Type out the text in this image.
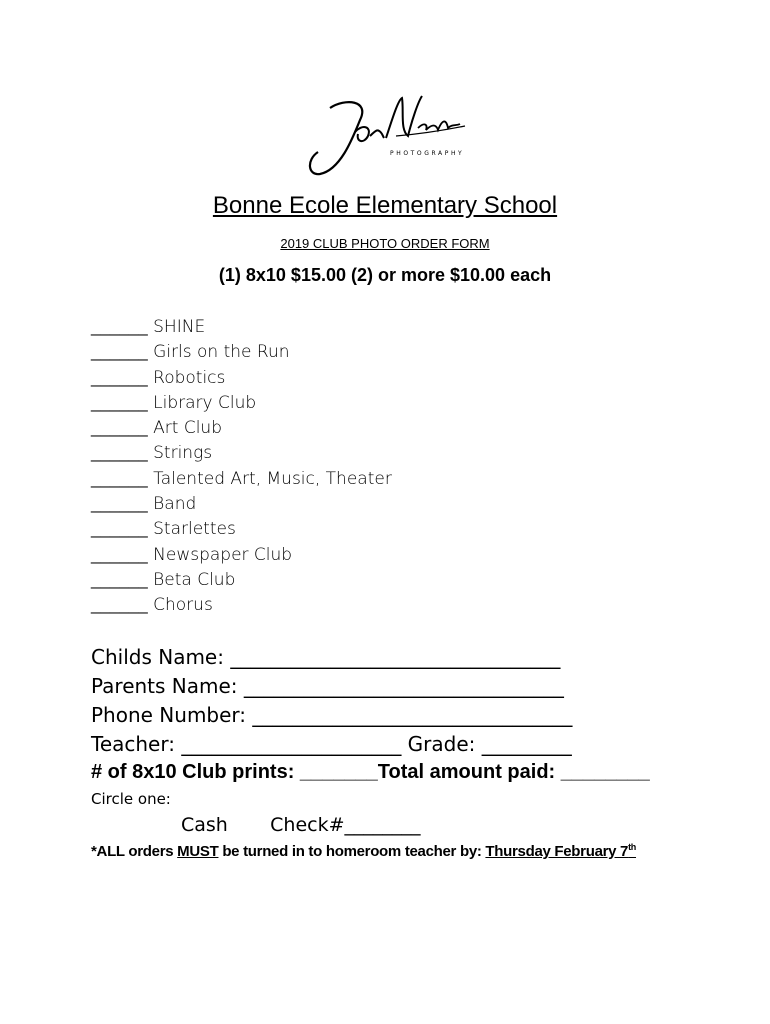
PHOTOGRAPHY
Bonne Ecole Elementary School
2019 CLUB PHOTO ORDER FORM
(1) 8x10 $15.00 (2) or more $10.00 each
______ SHINE
______ Girls on the Run
______ Robotics
______ Library Club
______ Art Club
______ Strings
______ Talented Art, Music, Theater
______ Band
______ Starlettes
______ Newspaper Club
______ Beta Club
______ Chorus
Childs Name: _________________________________
Parents Name: ________________________________
Phone Number: ________________________________
Teacher: ______________________ Grade: _________
# of 8x10 Club prints: _______Total amount paid: ________
Circle one:
Cash Check#________
*ALL orders MUST be turned in to homeroom teacher by: Thursday February 7th
